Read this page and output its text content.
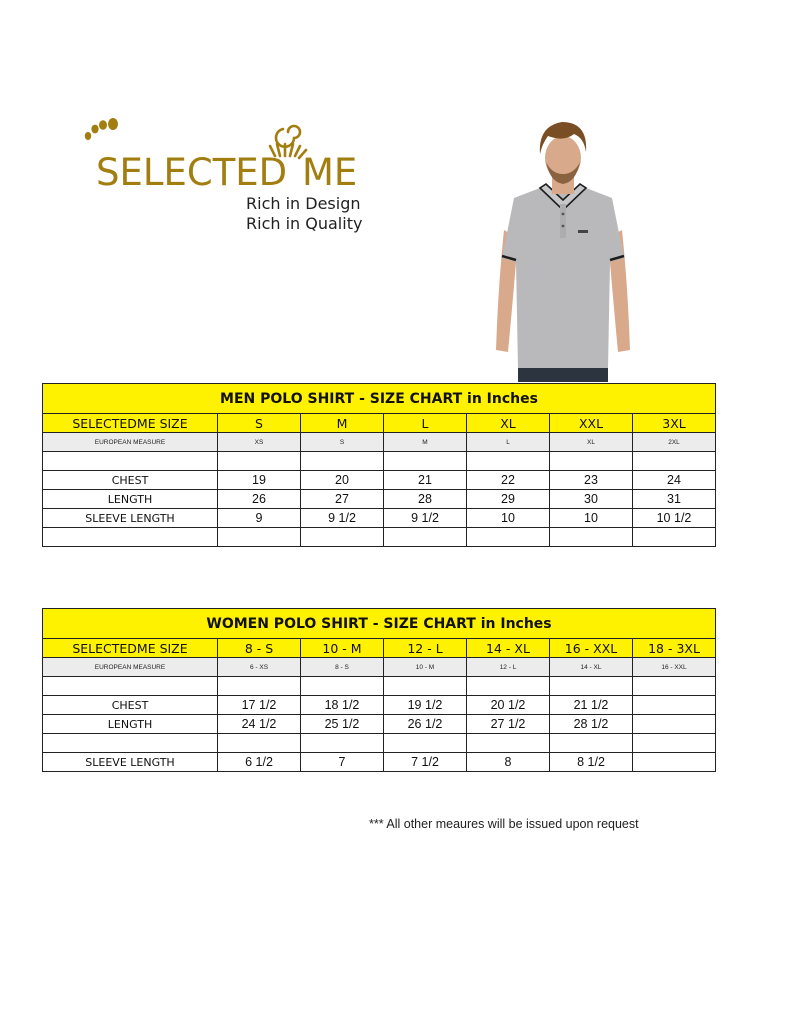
SELECTED ME
Rich in Design
Rich in Quality
MEN POLO SHIRT - SIZE CHART in Inches						
SELECTEDME SIZE	S	M	L	XL	XXL	3XL
EUROPEAN MEASURE	XS	S	M	L	XL	2XL

CHEST	19	20	21	22	23	24
LENGTH	26	27	28	29	30	31
SLEEVE LENGTH	9	9 1/2	9 1/2	10	10	10 1/2

WOMEN POLO SHIRT - SIZE CHART in Inches						
SELECTEDME SIZE	8 - S	10 - M	12 - L	14 - XL	16 - XXL	18 - 3XL
EUROPEAN MEASURE	6 - XS	8 - S	10 - M	12 - L	14 - XL	16 - XXL

CHEST	17 1/2	18 1/2	19 1/2	20 1/2	21 1/2	
LENGTH	24 1/2	25 1/2	26 1/2	27 1/2	28 1/2	

SLEEVE LENGTH	6 1/2	7	7 1/2	8	8 1/2	
*** All other meaures will be issued upon request
